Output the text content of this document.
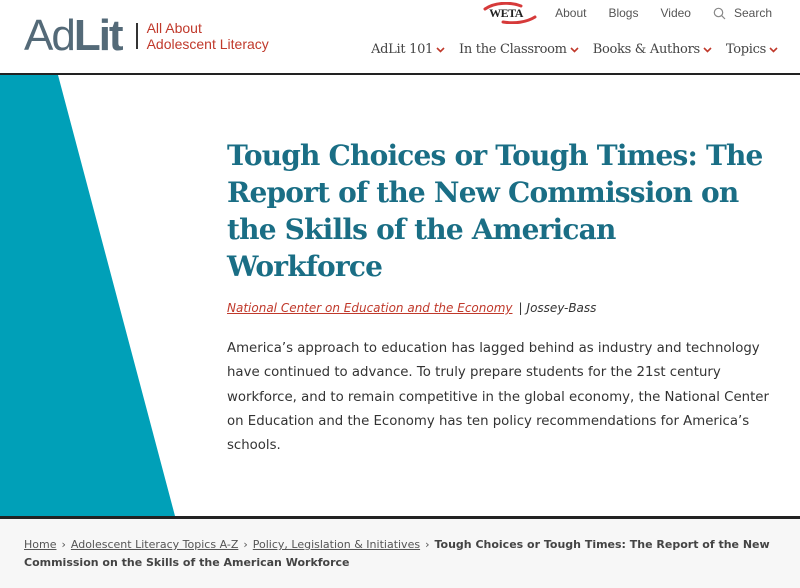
AdLit All About
Adolescent Literacy
WETA	About Blogs Video	Search
AdLit 101 In the Classroom Books & Authors Topics
Tough Choices or Tough Times: The Report of the New Commission on the Skills of the American Workforce
National Center on Education and the Economy | Jossey-Bass

America’s approach to education has lagged behind as industry and technology have continued to advance. To truly prepare students for the 21st century workforce, and to remain competitive in the global economy, the National Center on Education and the Economy has ten policy recommendations for America’s schools.

Home › Adolescent Literacy Topics A-Z › Policy, Legislation & Initiatives › Tough Choices or Tough Times: The Report of the New Commission on the Skills of the American Workforce
